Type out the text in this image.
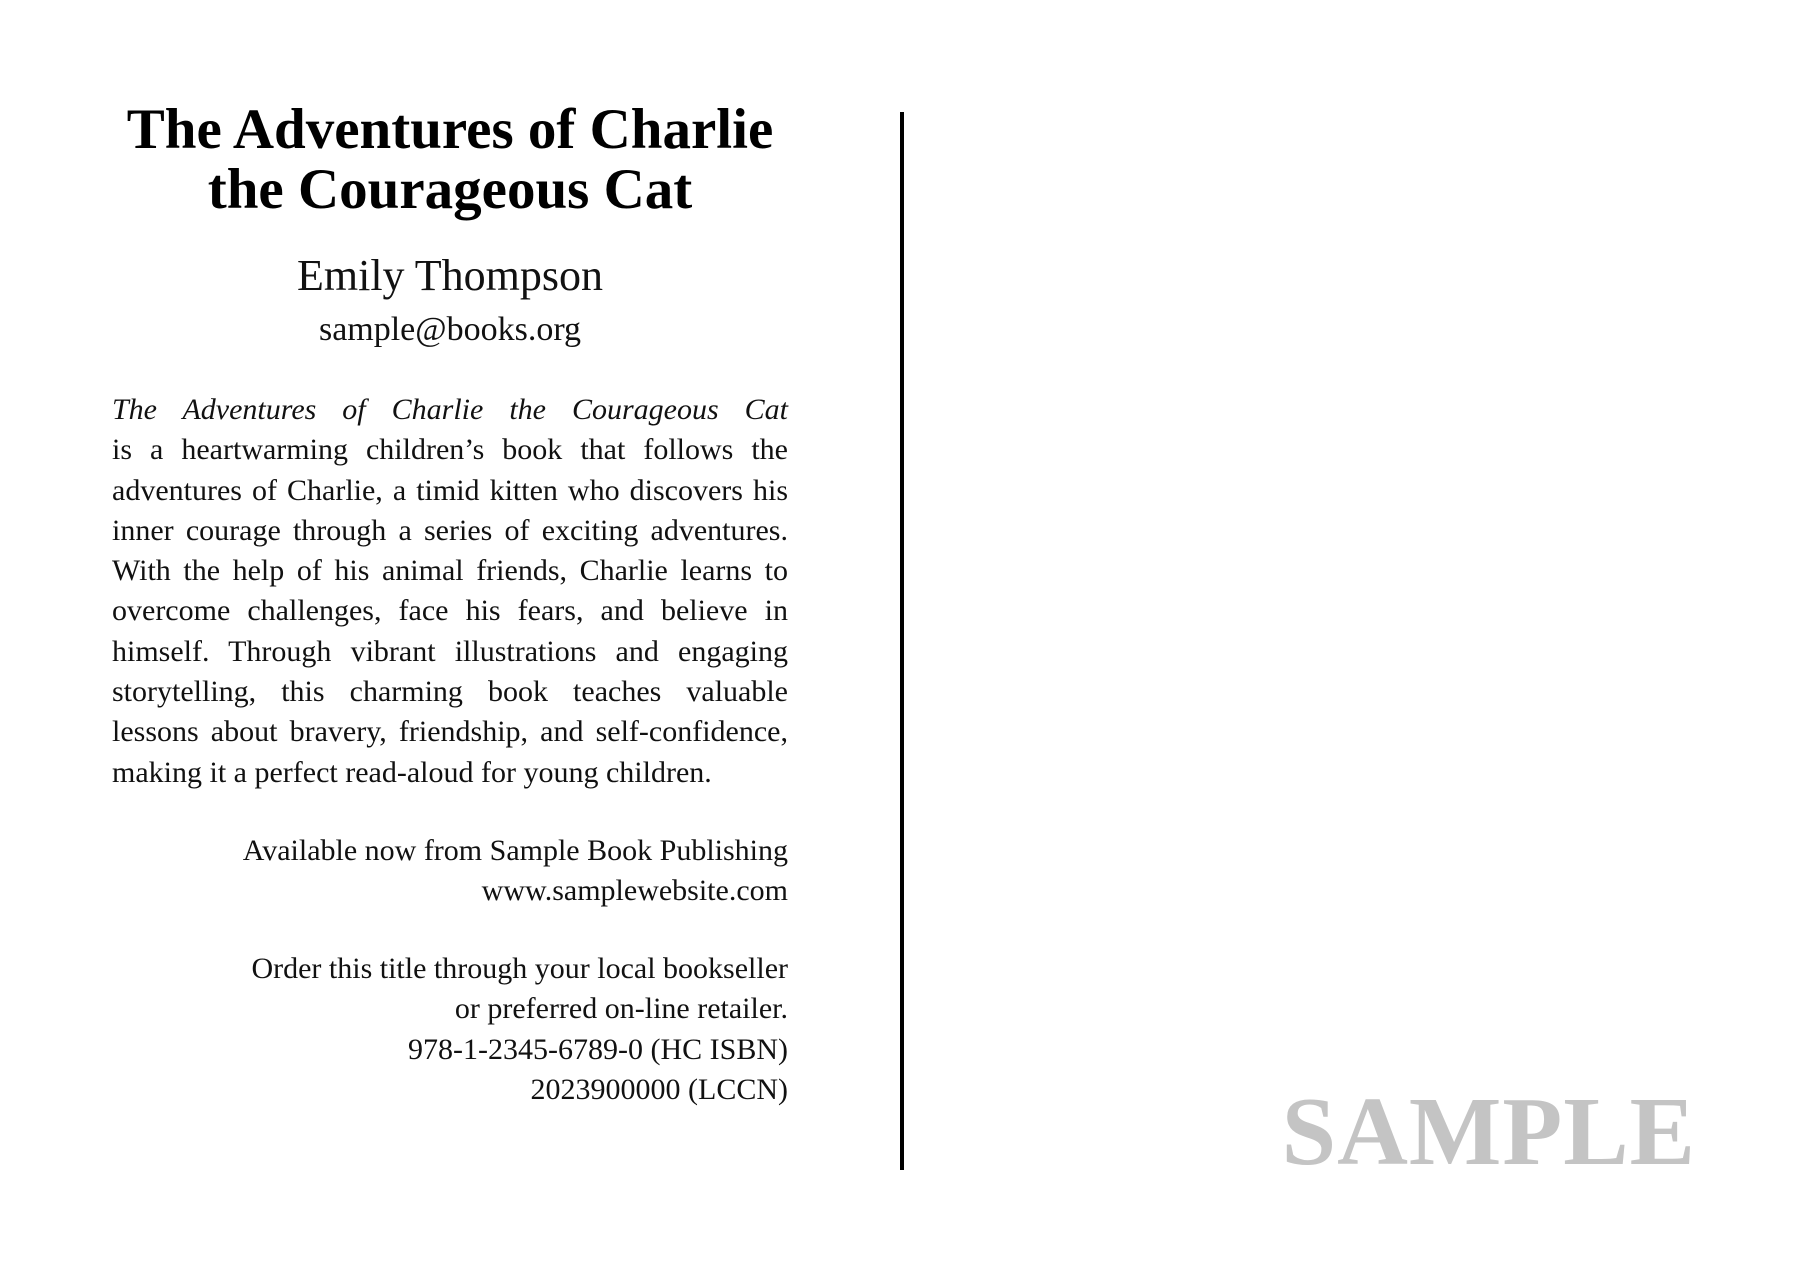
The Adventures of Charlie
the Courageous Cat
Emily Thompson
sample@books.org
The Adventures of Charlie the Courageous Cat
is a heartwarming children’s book that follows the adventures of Charlie, a timid kitten who discovers his inner courage through a series of exciting adventures. With the help of his animal friends, Charlie learns to overcome challenges, face his fears, and believe in himself. Through vibrant illustrations and engaging storytelling, this charming book teaches valuable lessons about bravery, friendship, and self-confidence, making it a perfect read-aloud for young children.
Available now from Sample Book Publishing
www.samplewebsite.com
Order this title through your local bookseller
or preferred on-line retailer.
978-1-2345-6789-0 (HC ISBN)
2023900000 (LCCN)	SAMPLE
